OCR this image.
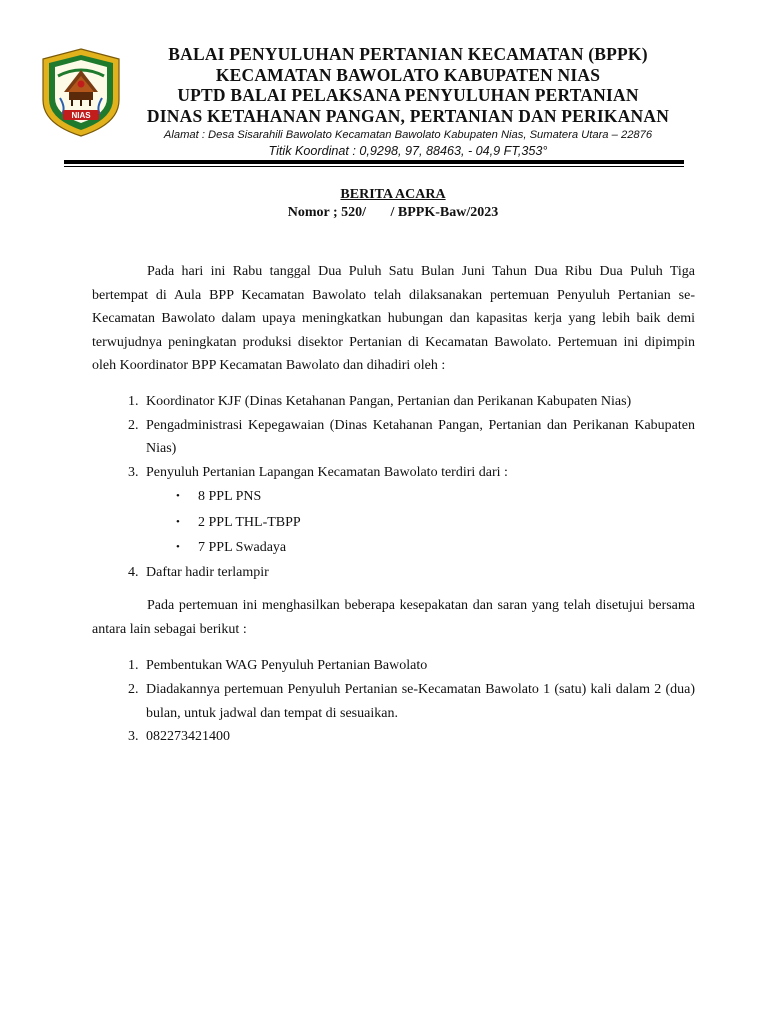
NIAS
BALAI PENYULUHAN PERTANIAN KECAMATAN (BPPK)
KECAMATAN BAWOLATO KABUPATEN NIAS
UPTD BALAI PELAKSANA PENYULUHAN PERTANIAN
DINAS KETAHANAN PANGAN, PERTANIAN DAN PERIKANAN
Alamat : Desa Sisarahili Bawolato Kecamatan Bawolato Kabupaten Nias, Sumatera Utara – 22876
Titik Koordinat : 0,9298, 97, 88463, - 04,9 FT,353°
BERITA ACARA
Nomor ; 520/       / BPPK-Baw/2023

Pada hari ini Rabu tanggal Dua Puluh Satu Bulan Juni Tahun Dua Ribu Dua Puluh Tiga bertempat di Aula BPP Kecamatan Bawolato telah dilaksanakan pertemuan Penyuluh Pertanian se-Kecamatan Bawolato dalam upaya meningkatkan hubungan dan kapasitas kerja yang lebih baik demi terwujudnya peningkatan produksi disektor Pertanian di Kecamatan Bawolato. Pertemuan ini dipimpin oleh Koordinator BPP Kecamatan Bawolato dan dihadiri oleh :

1. Koordinator KJF (Dinas Ketahanan Pangan, Pertanian dan Perikanan Kabupaten Nias)
2. Pengadministrasi Kepegawaian (Dinas Ketahanan Pangan, Pertanian dan Perikanan Kabupaten Nias)
3. Penyuluh Pertanian Lapangan Kecamatan Bawolato terdiri dari :
• 8 PPL PNS
• 2 PPL THL-TBPP
• 7 PPL Swadaya
4. Daftar hadir terlampir

Pada pertemuan ini menghasilkan beberapa kesepakatan dan saran yang telah disetujui bersama antara lain sebagai berikut :

1. Pembentukan WAG Penyuluh Pertanian Bawolato
2. Diadakannya pertemuan Penyuluh Pertanian se-Kecamatan Bawolato 1 (satu) kali dalam 2 (dua) bulan, untuk jadwal dan tempat di sesuaikan.
3. 082273421400
